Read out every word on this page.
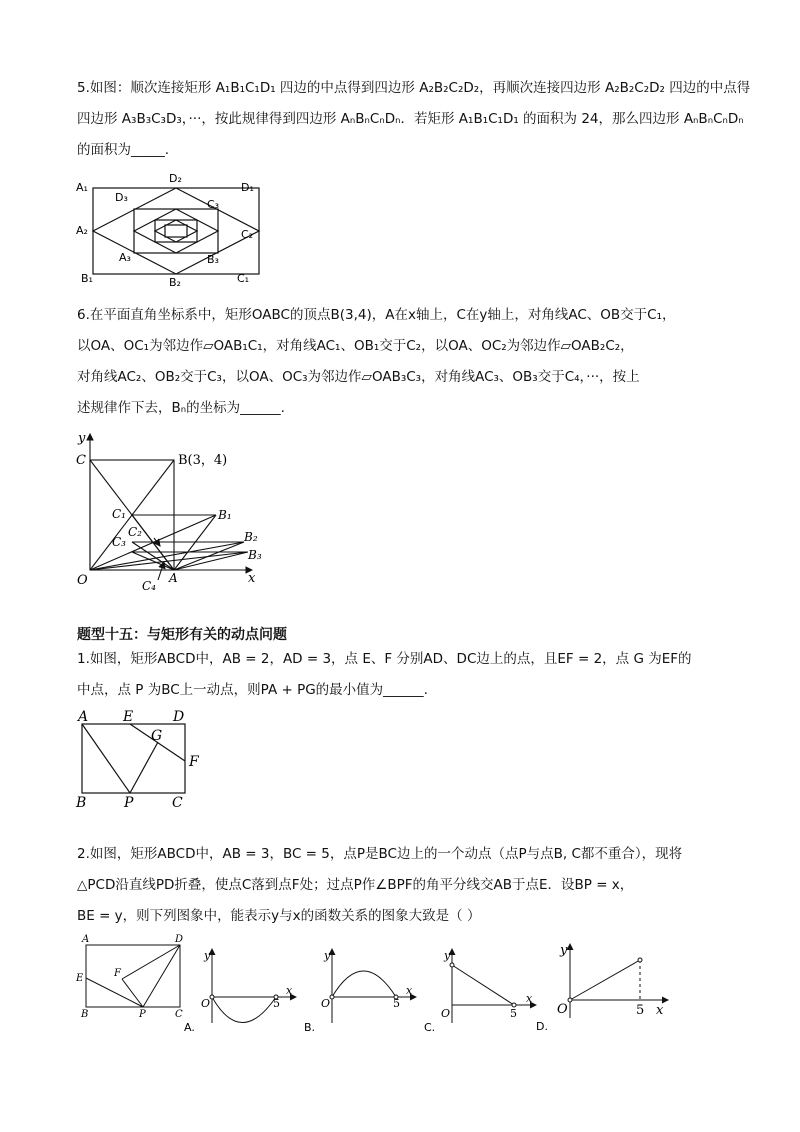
5.如图：顺次连接矩形 A₁B₁C₁D₁ 四边的中点得到四边形 A₂B₂C₂D₂，再顺次连接四边形 A₂B₂C₂D₂ 四边的中点得
四边形 A₃B₃C₃D₃，···，按此规律得到四边形 AₙBₙCₙDₙ．若矩形 A₁B₁C₁D₁ 的面积为 24，那么四边形 AₙBₙCₙDₙ
的面积为_____.
A₁
D₂
D₁
D₃
C₃
A₂	C₂
A₃	B₃
B₁	B₂	C₁
6.在平面直角坐标系中，矩形OABC的顶点B(3,4)，A在x轴上，C在y轴上，对角线AC、OB交于C₁，
以OA、OC₁为邻边作▱OAB₁C₁，对角线AC₁、OB₁交于C₂，以OA、OC₂为邻边作▱OAB₂C₂，
对角线AC₂、OB₂交于C₃，以OA、OC₃为邻边作▱OAB₃C₃，对角线AC₃、OB₃交于C₄，···，按上
述规律作下去，Bₙ的坐标为______.
y
x
O	A
C	B(3，4)
B₁
B₂
B₃
C₁
C₂
C₃
C₄
题型十五：与矩形有关的动点问题
1.如图，矩形ABCD中，AB = 2，AD = 3，点 E、F 分别AD、DC边上的点，且EF = 2，点 G 为EF的
中点，点 P 为BC上一动点，则PA + PG的最小值为______.
A E	D
G
F
B	P	C
2.如图，矩形ABCD中，AB = 3，BC = 5，点P是BC边上的一个动点（点P与点B, C都不重合），现将
△PCD沿直线PD折叠，使点C落到点F处；过点P作∠BPF的角平分线交AB于点E．设BP = x，
BE = y，则下列图象中，能表示y与x的函数关系的图象大致是（ ）
A	D
E	F
B	P	C
y
x
O	5
A.
y
x
O	5
B.
y
x
O	5
C.
y
x
O	5
D.
